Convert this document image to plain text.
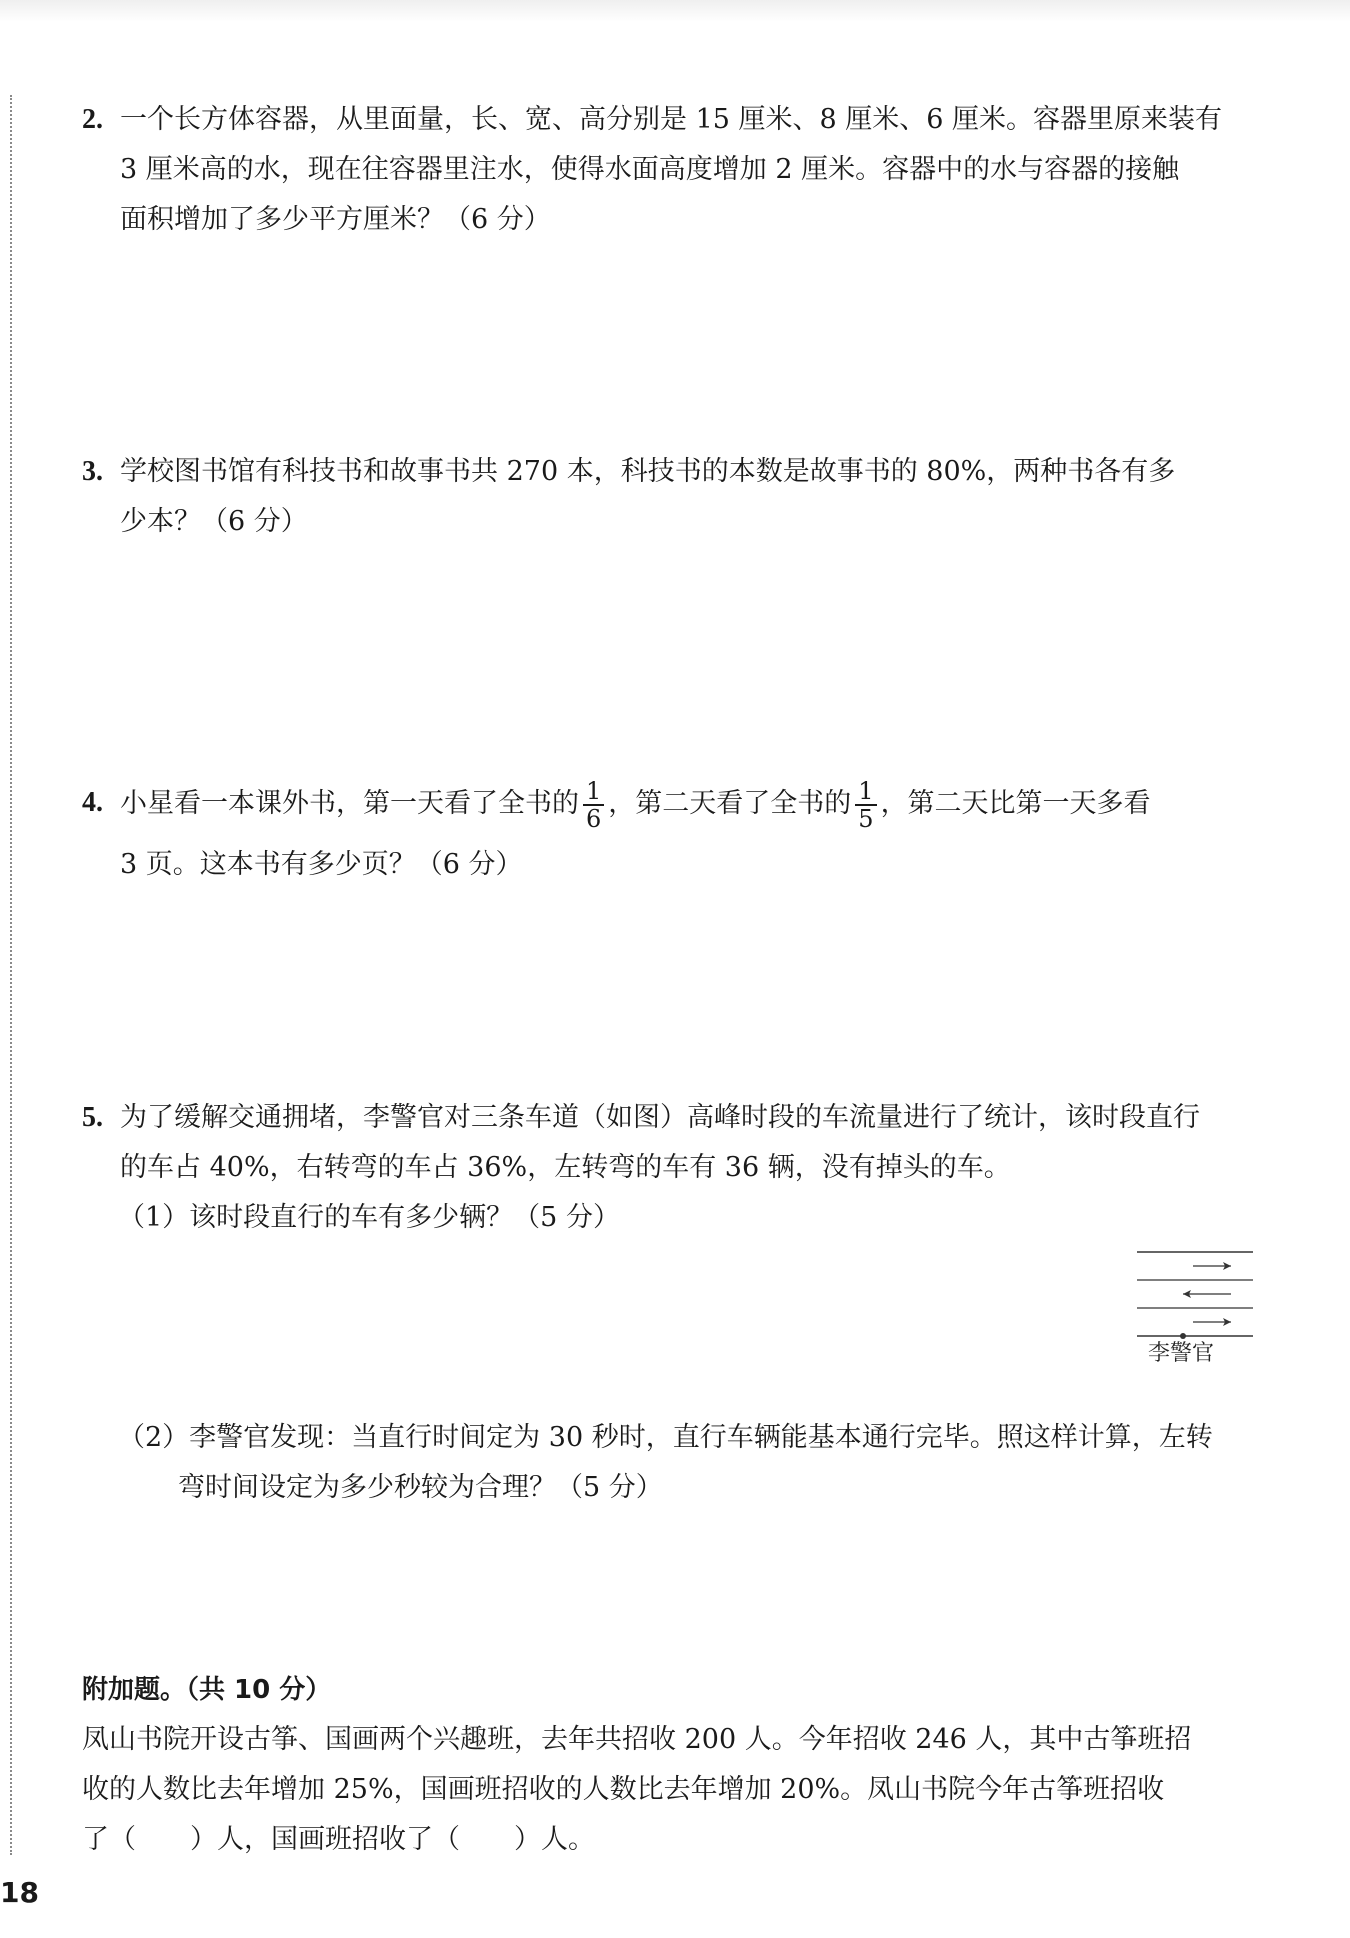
2. 一个长方体容器，从里面量，长、宽、高分别是 15 厘米、8 厘米、6 厘米。容器里原来装有
3 厘米高的水，现在往容器里注水，使得水面高度增加 2 厘米。容器中的水与容器的接触
面积增加了多少平方厘米？（6 分）
3. 学校图书馆有科技书和故事书共 270 本，科技书的本数是故事书的 80%，两种书各有多
少本？（6 分）
4. 小星看一本课外书，第一天看了全书的 $\frac{1}{6}$ ，第二天看了全书的 $\frac{1}{5}$ ，第二天比第一天多看
3 页。这本书有多少页？（6 分）
5. 为了缓解交通拥堵，李警官对三条车道（如图）高峰时段的车流量进行了统计，该时段直行
的车占 40%，右转弯的车占 36%，左转弯的车有 36 辆，没有掉头的车。
（1）该时段直行的车有多少辆？（5 分）
李警官
（2）李警官发现：当直行时间定为 30 秒时，直行车辆能基本通行完毕。照这样计算，左转
弯时间设定为多少秒较为合理？（5 分）
附加题。（共 10 分）
凤山书院开设古筝、国画两个兴趣班，去年共招收 200 人。今年招收 246 人，其中古筝班招
收的人数比去年增加 25%，国画班招收的人数比去年增加 20%。凤山书院今年古筝班招收
了（　　）人，国画班招收了（　　）人。
18
